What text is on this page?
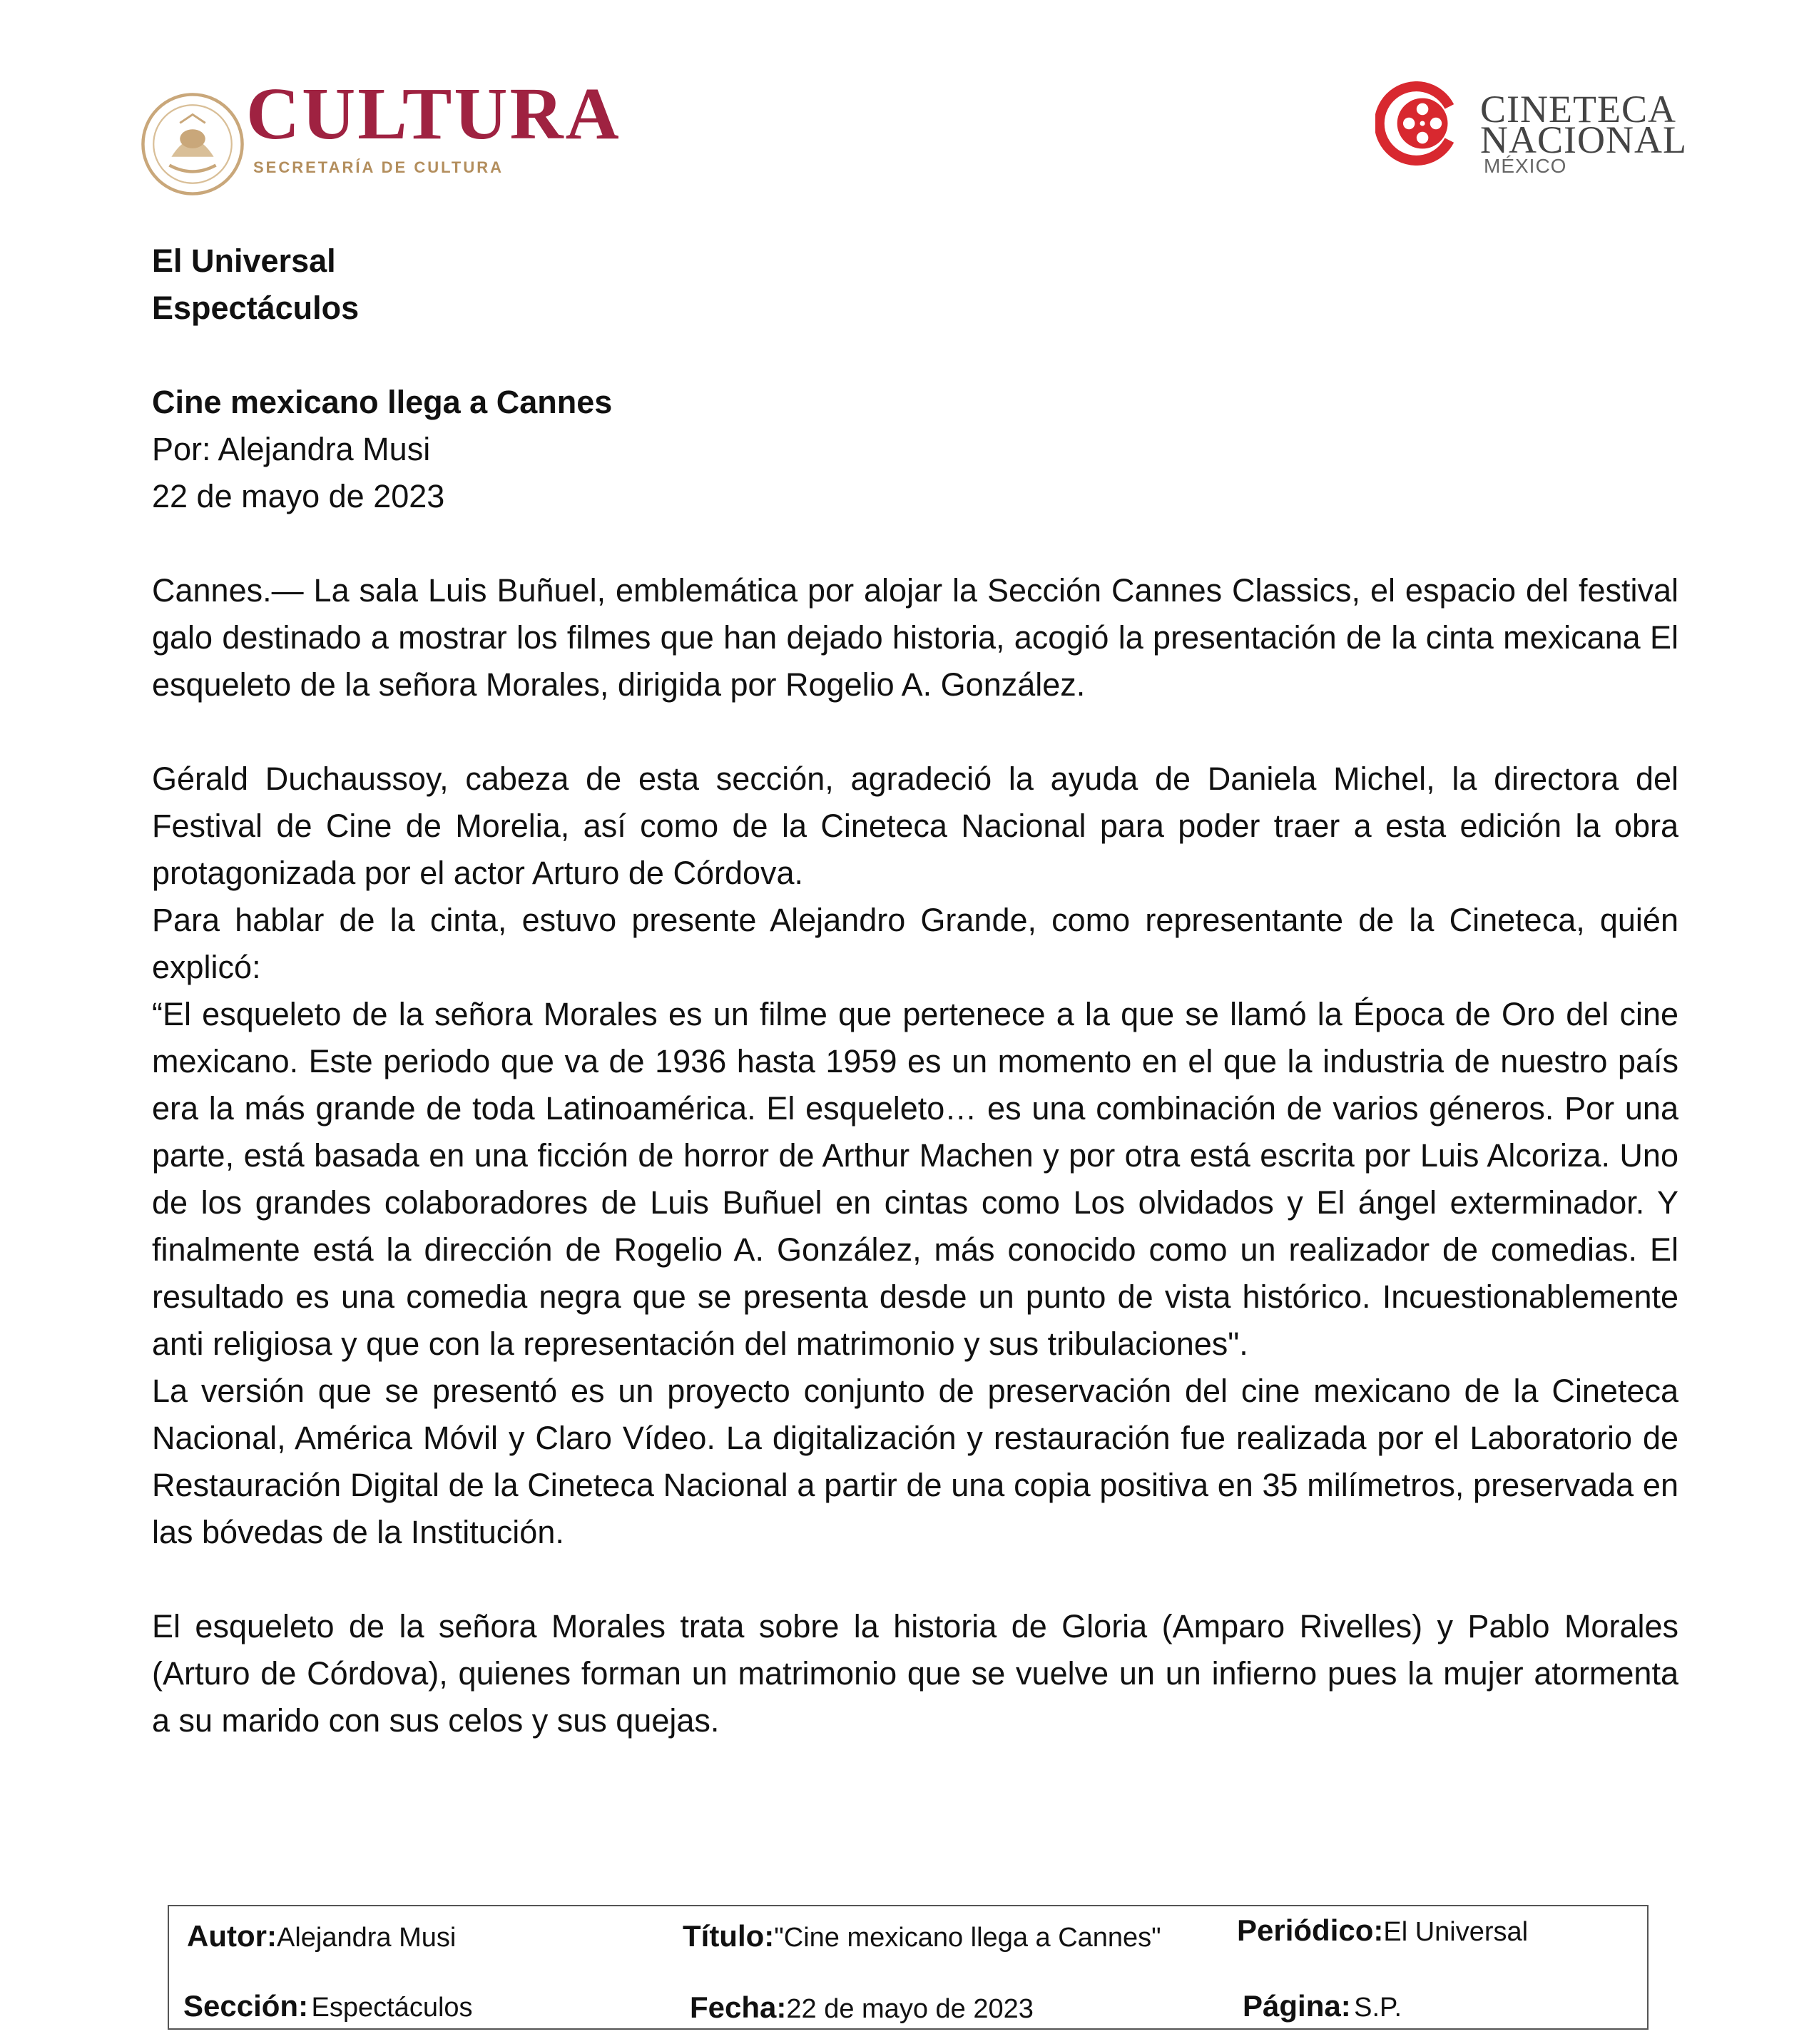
CULTURA
SECRETARÍA DE CULTURA
CINETECA
NACIONAL
MÉXICO

El Universal

Espectáculos

Cine mexicano llega a Cannes

Por: Alejandra Musi

22 de mayo de 2023

Cannes.— La sala Luis Buñuel, emblemática por alojar la Sección Cannes Classics, el espacio del festival galo destinado a mostrar los filmes que han dejado historia, acogió la presentación de la cinta mexicana El esqueleto de la señora Morales, dirigida por Rogelio A. González.

Gérald Duchaussoy, cabeza de esta sección, agradeció la ayuda de Daniela Michel, la directora del Festival de Cine de Morelia, así como de la Cineteca Nacional para poder traer a esta edición la obra protagonizada por el actor Arturo de Córdova.

Para hablar de la cinta, estuvo presente Alejandro Grande, como representante de la Cineteca, quién explicó:

“El esqueleto de la señora Morales es un filme que pertenece a la que se llamó la Época de Oro del cine mexicano. Este periodo que va de 1936 hasta 1959 es un momento en el que la industria de nuestro país era la más grande de toda Latinoamérica. El esqueleto… es una combinación de varios géneros. Por una parte, está basada en una ficción de horror de Arthur Machen y por otra está escrita por Luis Alcoriza. Uno de los grandes colaboradores de Luis Buñuel en cintas como Los olvidados y El ángel exterminador. Y finalmente está la dirección de Rogelio A. González, más conocido como un realizador de comedias. El resultado es una comedia negra que se presenta desde un punto de vista histórico. Incuestionablemente anti religiosa y que con la representación del matrimonio y sus tribulaciones".

La versión que se presentó es un proyecto conjunto de preservación del cine mexicano de la Cineteca Nacional, América Móvil y Claro Vídeo. La digitalización y restauración fue realizada por el Laboratorio de Restauración Digital de la Cineteca Nacional a partir de una copia positiva en 35 milímetros, preservada en las bóvedas de la Institución.

El esqueleto de la señora Morales trata sobre la historia de Gloria (Amparo Rivelles) y Pablo Morales (Arturo de Córdova), quienes forman un matrimonio que se vuelve un un infierno pues la mujer atormenta a su marido con sus celos y sus quejas.

Autor:Alejandra Musi	Título:"Cine mexicano llega a Cannes"	Periódico:El Universal
Sección: Espectáculos	Fecha:22 de mayo de 2023	Página: S.P.
